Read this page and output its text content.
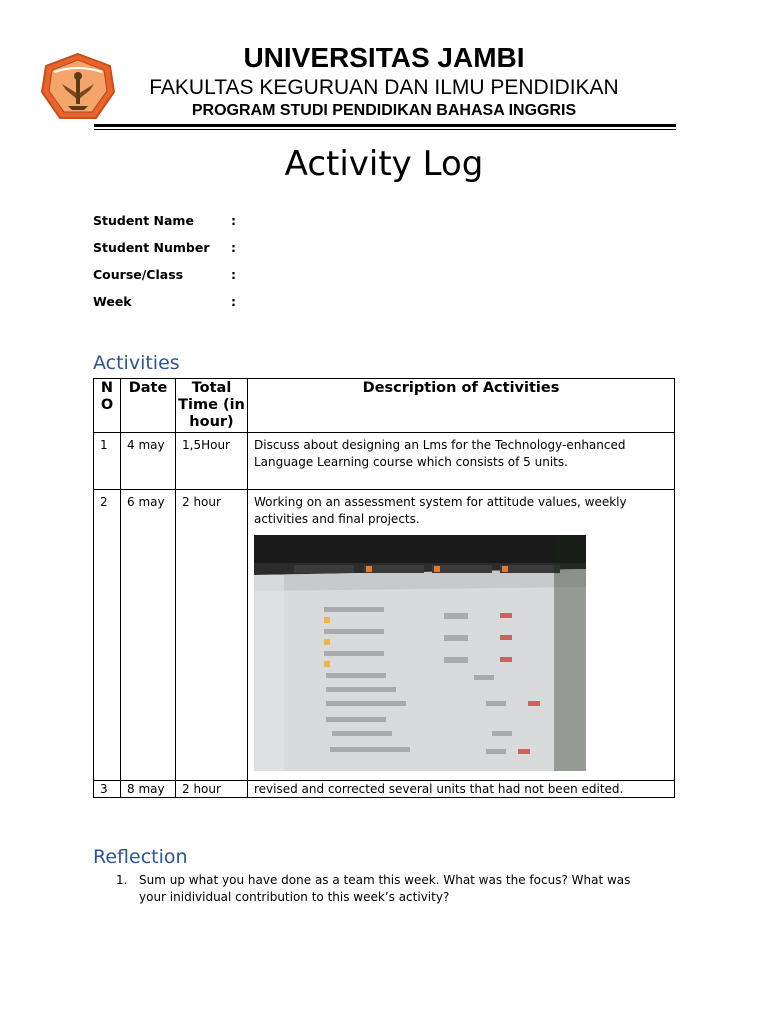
UNIVERSITAS JAMBI
FAKULTAS KEGURUAN DAN ILMU PENDIDIKAN
PROGRAM STUDI PENDIDIKAN BAHASA INGGRIS
Activity Log
Student Name	:
Student Number :
Course/Class	:
Week	:
Activities
N O	Date	Total Time (in hour)	Description of Activities
1	4 may	1,5Hour	Discuss about designing an Lms for the Technology-enhanced Language Learning course which consists of 5 units.
2	6 may	2 hour	Working on an assessment system for attitude values, weekly activities and final projects.

3	8 may	2 hour	revised and corrected several units that had not been edited.
Reflection
1. Sum up what you have done as a team this week. What was the focus? What was your inidividual contribution to this week’s activity?
